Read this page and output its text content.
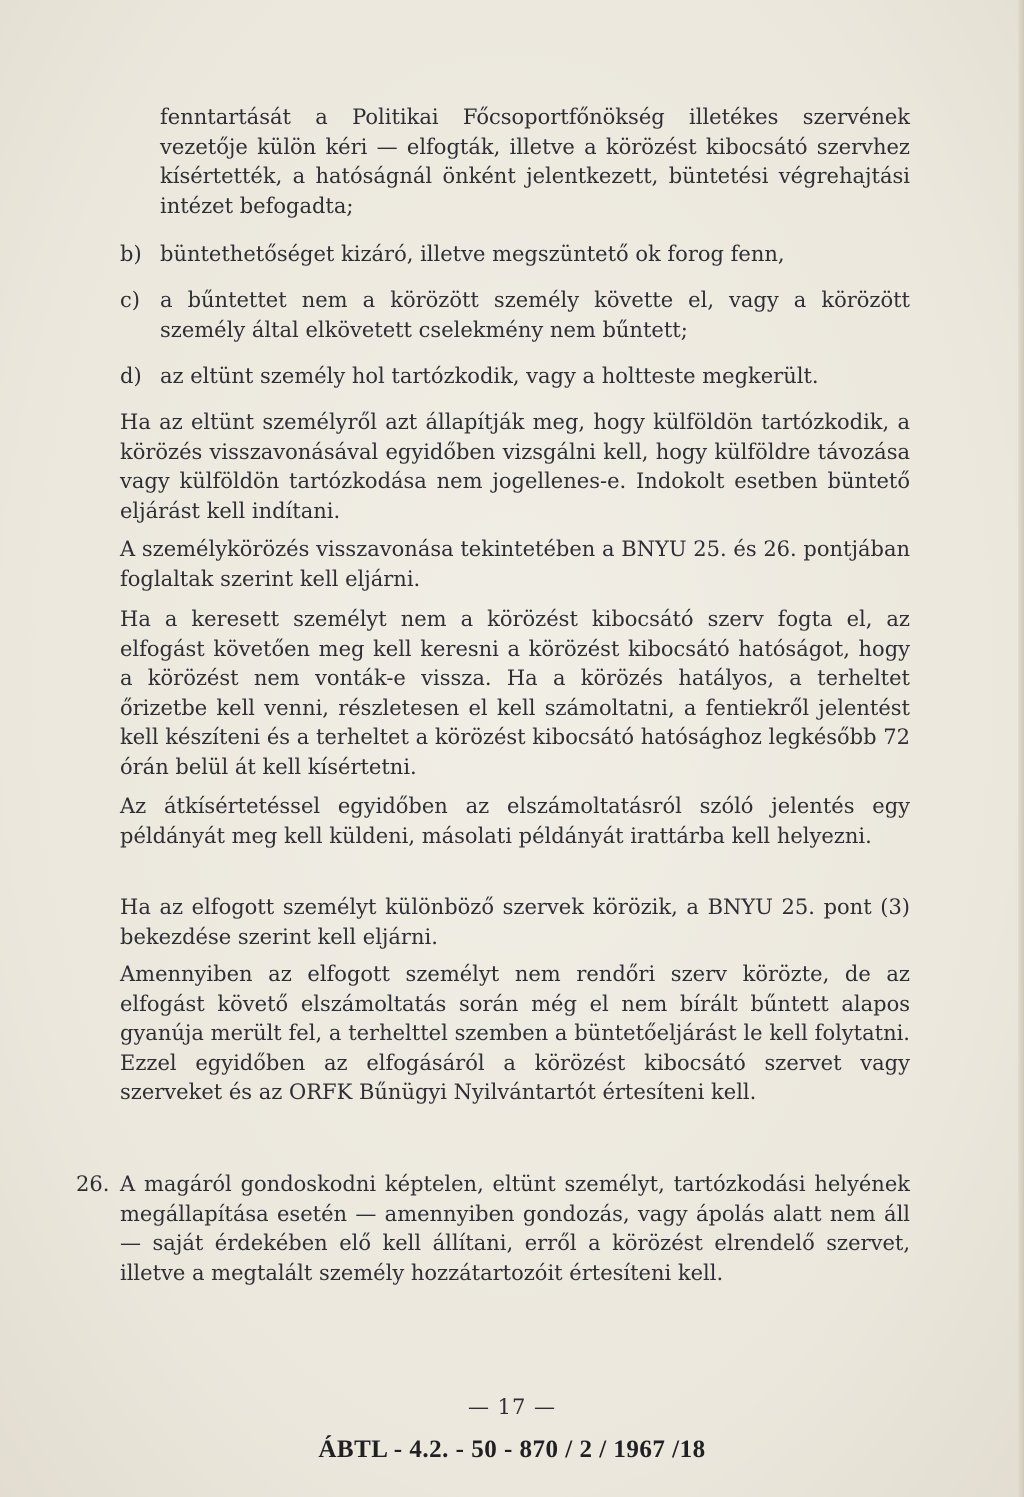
fenntartását a Politikai Főcsoportfőnökség illetékes szervének vezetője külön kéri — elfogták, illetve a körözést kibocsátó szervhez kísértették, a hatóságnál önként jelentkezett, büntetési végrehajtási intézet befogadta;

b) büntethetőséget kizáró, illetve megszüntető ok forog fenn,
c) a bűntettet nem a körözött személy követte el, vagy a körözött személy által elkövetett cselekmény nem bűntett;
d) az eltünt személy hol tartózkodik, vagy a holtteste megkerült.

Ha az eltünt személyről azt állapítják meg, hogy külföldön tartózkodik, a körözés visszavonásával egyidőben vizsgálni kell, hogy külföldre távozása vagy külföldön tartózkodása nem jogellenes-e. Indokolt esetben büntető eljárást kell indítani.

A személykörözés visszavonása tekintetében a BNYU 25. és 26. pontjában foglaltak szerint kell eljárni.

Ha a keresett személyt nem a körözést kibocsátó szerv fogta el, az elfogást követően meg kell keresni a körözést kibocsátó hatóságot, hogy a körözést nem vonták-e vissza. Ha a körözés hatályos, a terheltet őrizetbe kell venni, részletesen el kell számoltatni, a fentiekről jelentést kell készíteni és a terheltet a körözést kibocsátó hatósághoz legkésőbb 72 órán belül át kell kísértetni.

Az átkísértetéssel egyidőben az elszámoltatásról szóló jelentés egy példányát meg kell küldeni, másolati példányát irattárba kell helyezni.

Ha az elfogott személyt különböző szervek körözik, a BNYU 25. pont (3) bekezdése szerint kell eljárni.

Amennyiben az elfogott személyt nem rendőri szerv körözte, de az elfogást követő elszámoltatás során még el nem bírált bűntett alapos gyanúja merült fel, a terhelttel szemben a büntetőeljárást le kell folytatni. Ezzel egyidőben az elfogásáról a körözést kibocsátó szervet vagy szerveket és az ORFK Bűnügyi Nyilvántartót értesíteni kell.

26. A magáról gondoskodni képtelen, eltünt személyt, tartózkodási helyének megállapítása esetén — amennyiben gondozás, vagy ápolás alatt nem áll — saját érdekében elő kell állítani, erről a körözést elrendelő szervet, illetve a megtalált személy hozzátartozóit értesíteni kell.

— 17 —
ÁBTL - 4.2. - 50 - 870 / 2 / 1967 /18
